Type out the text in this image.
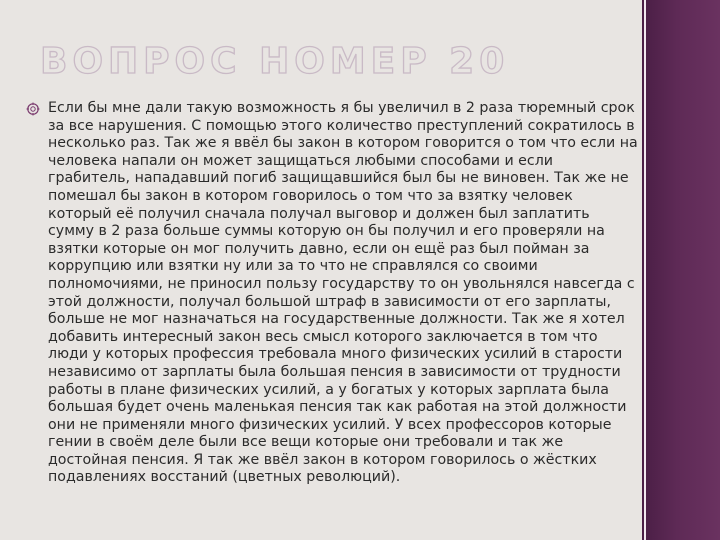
ВОПРОС НОМЕР 20

Если бы мне дали такую возможность я бы увеличил в 2 раза тюремный срок за все нарушения. С помощью этого количество преступлений сократилось в несколько раз. Так же я ввёл бы закон в котором говорится о том что если на человека напали он может защищаться любыми способами и если грабитель, нападавший погиб защищавшийся был бы не виновен. Так же не помешал бы закон в котором говорилось о том что за взятку человек который её получил сначала получал выговор и должен был заплатить сумму в 2 раза больше суммы которую он бы получил и его проверяли на взятки которые он мог получить давно, если он ещё раз был пойман за коррупцию или взятки ну или за то что не справлялся со своими полномочиями, не приносил пользу государству то он увольнялся навсегда с этой должности, получал большой штраф в зависимости от его зарплаты, больше не мог назначаться на государственные должности. Так же я хотел добавить интересный закон весь смысл которого заключается в том что люди у которых профессия требовала много физических усилий в старости независимо от зарплаты была большая пенсия в зависимости от трудности работы в плане физических усилий, а у богатых у которых зарплата была большая будет очень маленькая пенсия так как работая на этой должности они не применяли много физических усилий. У всех профессоров которые гении в своём деле были все вещи которые они требовали и так же достойная пенсия. Я так же ввёл закон в котором говорилось о жёстких подавлениях восстаний (цветных революций).
